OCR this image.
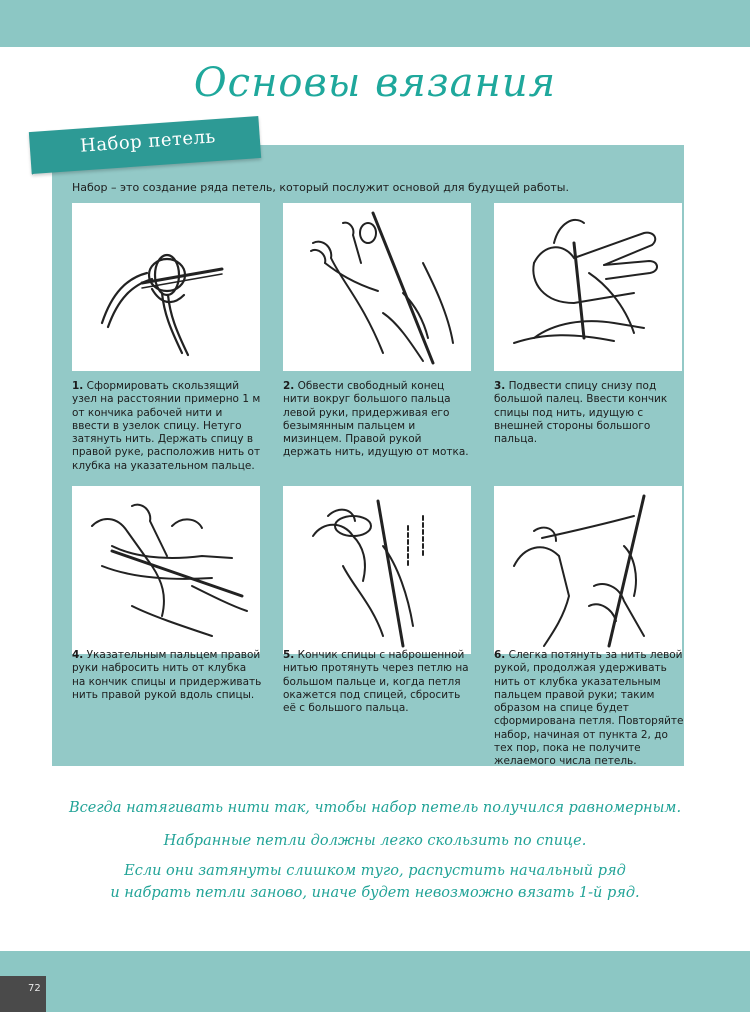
Основы вязания
Набор петель
Набор – это создание ряда петель, который послужит основой для будущей работы.
1. Сформировать скользящий узел на расстоянии примерно 1 м от кончика рабочей нити и ввести в узелок спицу. Нетуго затянуть нить. Держать спицу в правой руке, расположив нить от клубка на указательном пальце.
2. Обвести свободный конец нити вокруг большого пальца левой руки, придерживая его безымянным пальцем и мизинцем. Правой рукой держать нить, идущую от мотка.
3. Подвести спицу снизу под большой палец. Ввести кончик спицы под нить, идущую с внешней стороны большого пальца.
4. Указательным пальцем правой руки набросить нить от клубка на кончик спицы и придерживать нить правой рукой вдоль спицы.
5. Кончик спицы с наброшенной нитью протянуть через петлю на большом пальце и, когда петля окажется под спицей, сбросить её с большого пальца.
6. Слегка потянуть за нить левой рукой, продолжая удерживать нить от клубка указательным пальцем правой руки; таким образом на спице будет сформирована петля. Повторяйте набор, начиная от пункта 2, до тех пор, пока не получите желаемого числа петель.
Всегда натягивать нити так, чтобы набор петель получился равномерным.
Набранные петли должны легко скользить по спице.
Если они затянуты слишком туго, распустить начальный ряд
и набрать петли заново, иначе будет невозможно вязать 1-й ряд.
72
